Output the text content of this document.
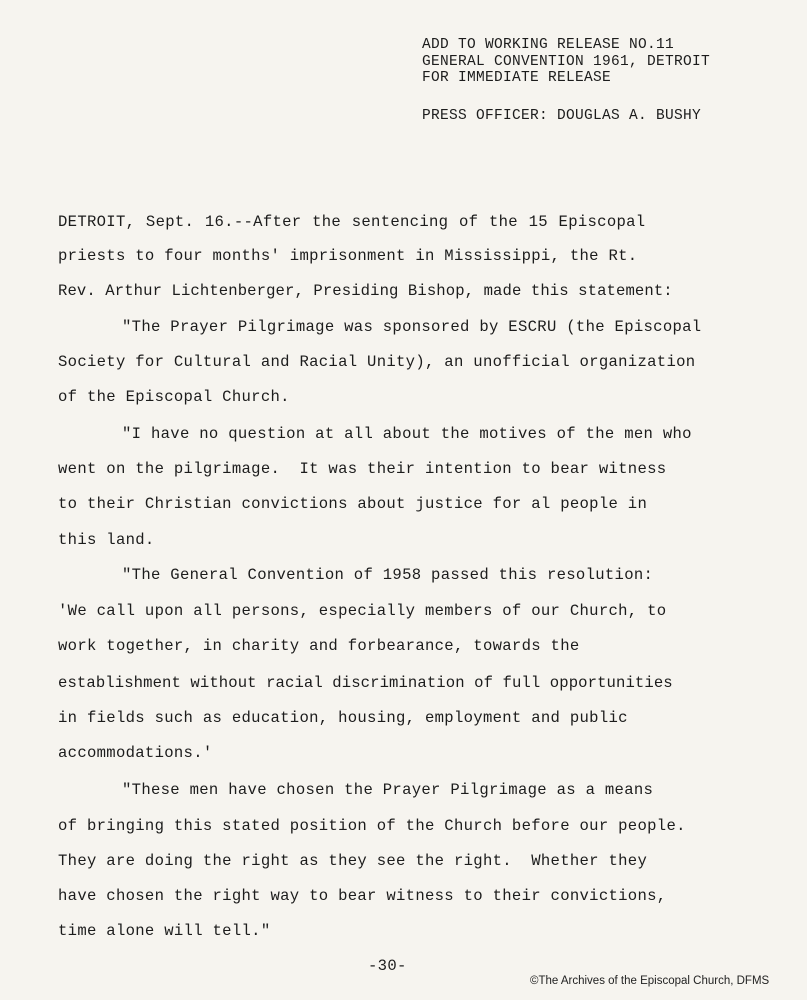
ADD TO WORKING RELEASE NO.11
GENERAL CONVENTION 1961, DETROIT
FOR IMMEDIATE RELEASE
PRESS OFFICER: DOUGLAS A. BUSHY
DETROIT, Sept. 16.--After the sentencing of the 15 Episcopal
priests to four months' imprisonment in Mississippi, the Rt.
Rev. Arthur Lichtenberger, Presiding Bishop, made this statement:
"The Prayer Pilgrimage was sponsored by ESCRU (the Episcopal
Society for Cultural and Racial Unity), an unofficial organization
of the Episcopal Church.
"I have no question at all about the motives of the men who
went on the pilgrimage.  It was their intention to bear witness
to their Christian convictions about justice for al people in
this land.
"The General Convention of 1958 passed this resolution:
'We call upon all persons, especially members of our Church, to
work together, in charity and forbearance, towards the
establishment without racial discrimination of full opportunities
in fields such as education, housing, employment and public
accommodations.'
"These men have chosen the Prayer Pilgrimage as a means
of bringing this stated position of the Church before our people.
They are doing the right as they see the right.  Whether they
have chosen the right way to bear witness to their convictions,
time alone will tell."
-30-
©The Archives of the Episcopal Church, DFMS
